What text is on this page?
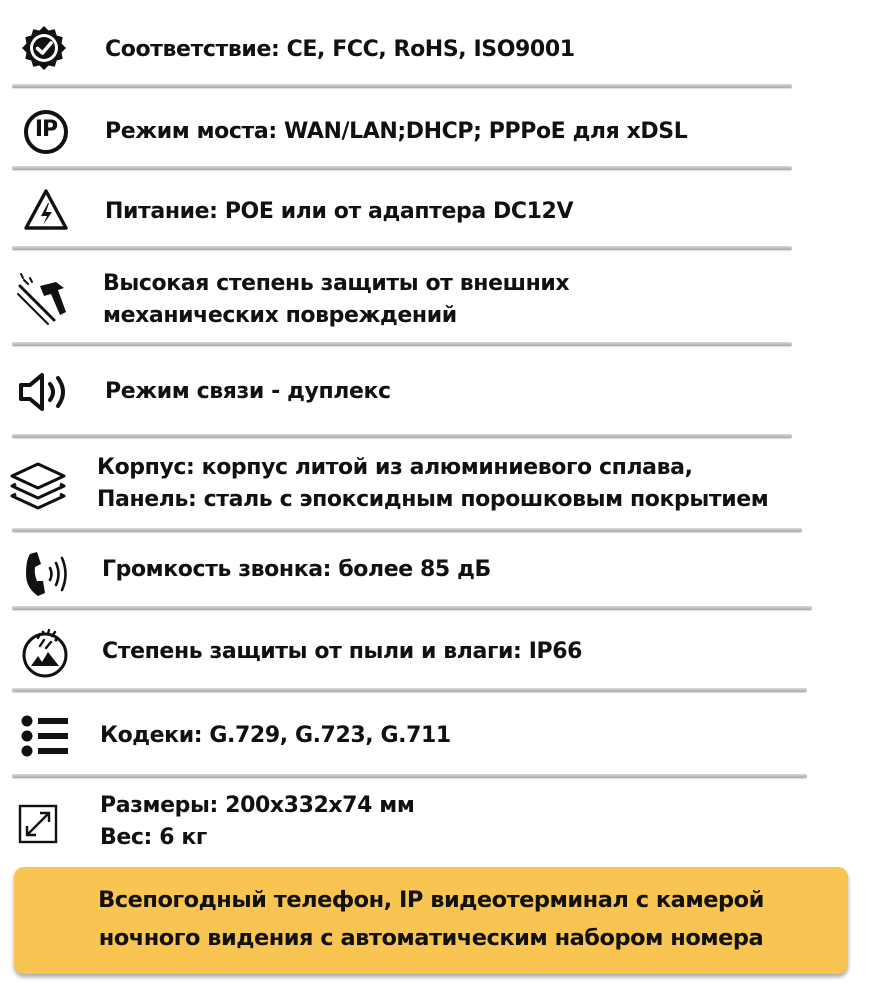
Соответствие: CE, FCC, RoHS, ISO9001
IP	Режим моста: WAN/LAN;DHCP; PPPoE для xDSL
Питание: POE или от адаптера DC12V
Высокая степень защиты от внешних
механических повреждений
Режим связи - дуплекс
Корпус: корпус литой из алюминиевого сплава,
Панель: сталь с эпоксидным порошковым покрытием
Громкость звонка: более 85 дБ
Степень защиты от пыли и влаги: IP66
Кодеки: G.729, G.723, G.711
Размеры: 200x332x74 мм
Вес: 6 кг
Всепогодный телефон, IP видеотерминал с камерой
ночного видения с автоматическим набором номера
